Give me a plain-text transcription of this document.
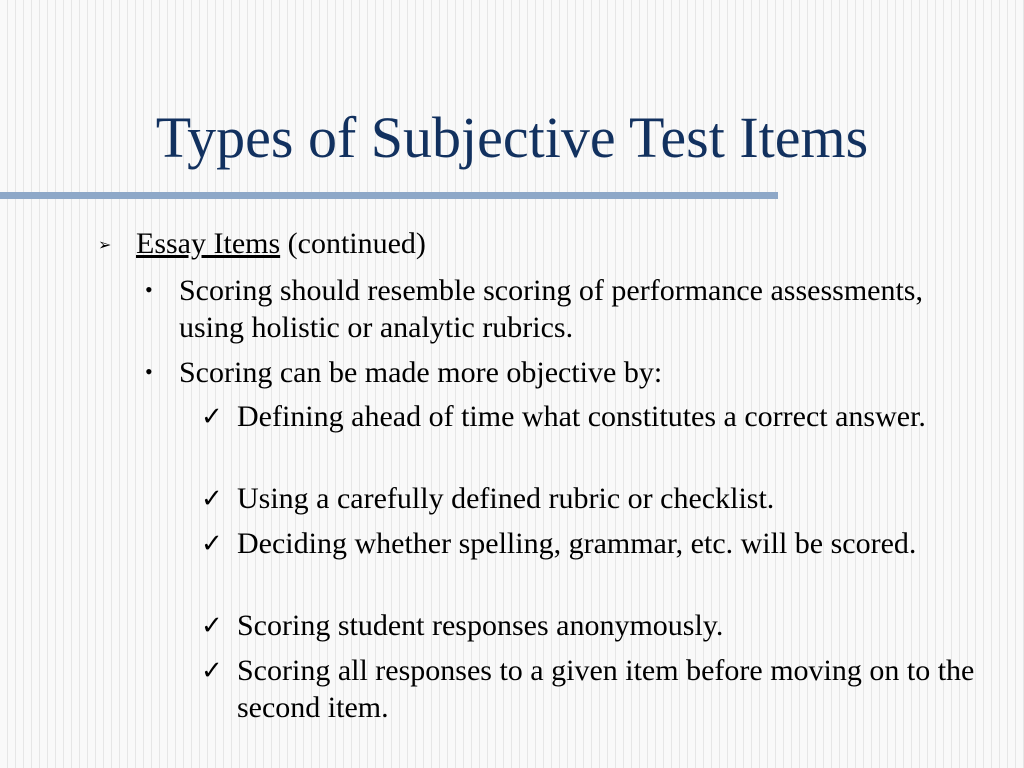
Types of Subjective Test Items
➢ Essay Items (continued)
• Scoring should resemble scoring of performance assessments, using holistic or analytic rubrics.
• Scoring can be made more objective by:
✓ Defining ahead of time what constitutes a correct answer.
✓ Using a carefully defined rubric or checklist.
✓ Deciding whether spelling, grammar, etc. will be scored.
✓ Scoring student responses anonymously.
✓ Scoring all responses to a given item before moving on to the second item.
